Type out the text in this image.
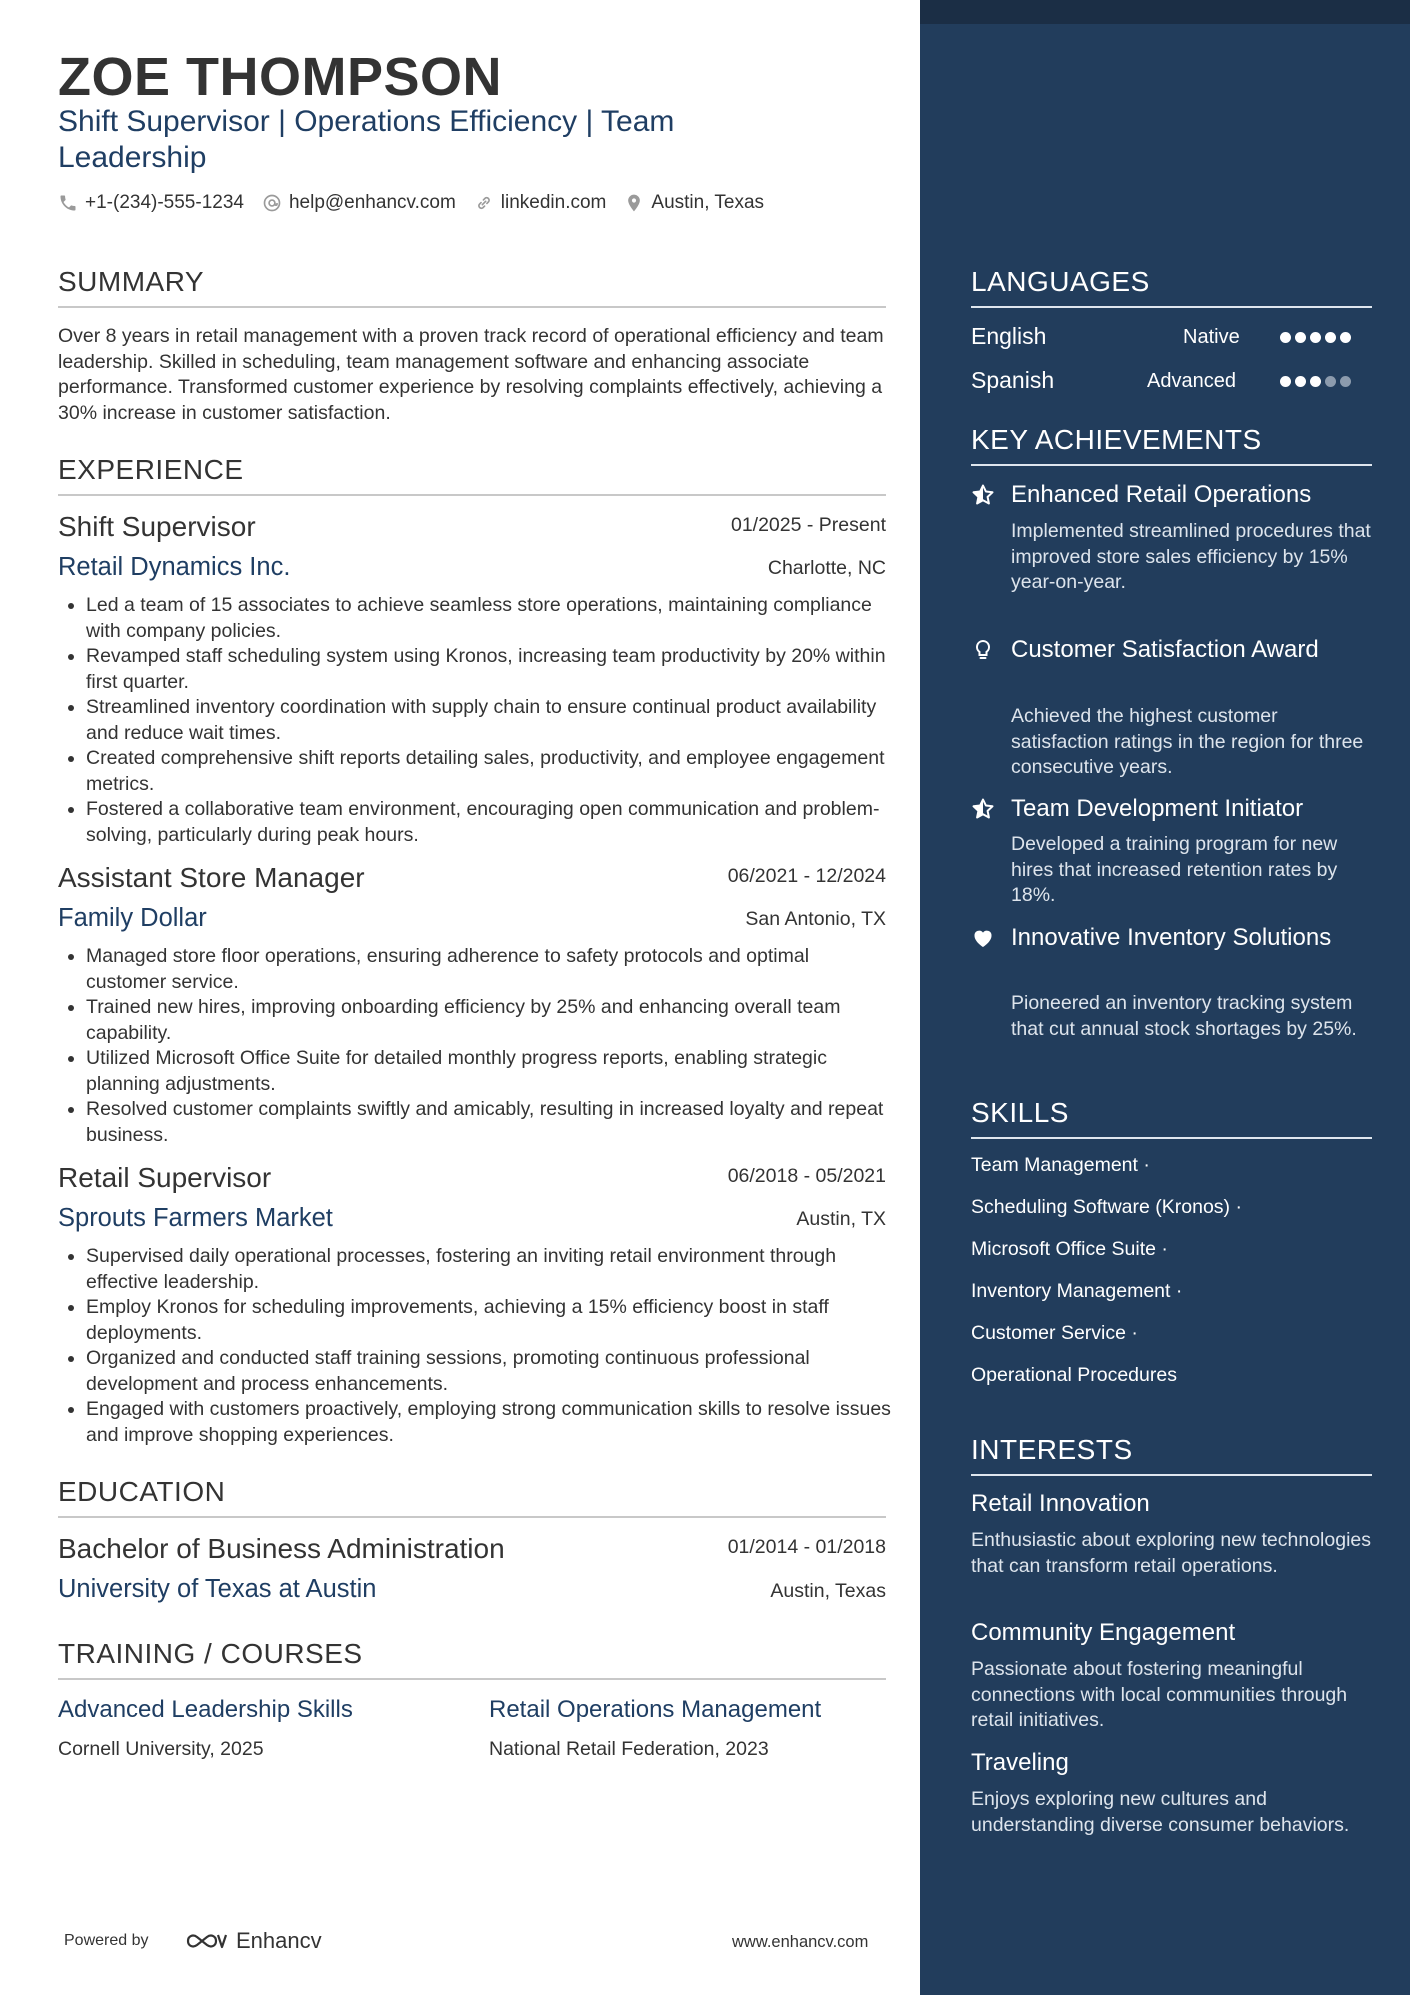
ZOE THOMPSON
Shift Supervisor | Operations Efficiency | Team Leadership
+1-(234)-555-1234 help@enhancv.com linkedin.com Austin, Texas
SUMMARY
Over 8 years in retail management with a proven track record of operational efficiency and team leadership. Skilled in scheduling, team management software and enhancing associate performance. Transformed customer experience by resolving complaints effectively, achieving a 30% increase in customer satisfaction.
EXPERIENCE
Shift Supervisor	01/2025 - Present
Retail Dynamics Inc.	Charlotte, NC
• Led a team of 15 associates to achieve seamless store operations, maintaining compliance with company policies.
• Revamped staff scheduling system using Kronos, increasing team productivity by 20% within first quarter.
• Streamlined inventory coordination with supply chain to ensure continual product availability and reduce wait times.
• Created comprehensive shift reports detailing sales, productivity, and employee engagement metrics.
• Fostered a collaborative team environment, encouraging open communication and problem-solving, particularly during peak hours.
Assistant Store Manager	06/2021 - 12/2024
Family Dollar	San Antonio, TX
• Managed store floor operations, ensuring adherence to safety protocols and optimal customer service.
• Trained new hires, improving onboarding efficiency by 25% and enhancing overall team capability.
• Utilized Microsoft Office Suite for detailed monthly progress reports, enabling strategic planning adjustments.
• Resolved customer complaints swiftly and amicably, resulting in increased loyalty and repeat business.
Retail Supervisor	06/2018 - 05/2021
Sprouts Farmers Market	Austin, TX
• Supervised daily operational processes, fostering an inviting retail environment through effective leadership.
• Employ Kronos for scheduling improvements, achieving a 15% efficiency boost in staff deployments.
• Organized and conducted staff training sessions, promoting continuous professional development and process enhancements.
• Engaged with customers proactively, employing strong communication skills to resolve issues and improve shopping experiences.
EDUCATION
Bachelor of Business Administration	01/2014 - 01/2018
University of Texas at Austin	Austin, Texas
TRAINING / COURSES
Advanced Leadership Skills
Cornell University, 2025
Retail Operations Management
National Retail Federation, 2023
Powered by	Enhancv	www.enhancv.com
LANGUAGES
English	Native
Spanish	Advanced
KEY ACHIEVEMENTS
Enhanced Retail Operations
Implemented streamlined procedures that improved store sales efficiency by 15% year-on-year.
Customer Satisfaction Award
Achieved the highest customer satisfaction ratings in the region for three consecutive years.
Team Development Initiator
Developed a training program for new hires that increased retention rates by 18%.
Innovative Inventory Solutions
Pioneered an inventory tracking system that cut annual stock shortages by 25%.
SKILLS
Team Management ·
Scheduling Software (Kronos) ·
Microsoft Office Suite ·
Inventory Management ·
Customer Service ·
Operational Procedures
INTERESTS
Retail Innovation
Enthusiastic about exploring new technologies that can transform retail operations.
Community Engagement
Passionate about fostering meaningful connections with local communities through retail initiatives.
Traveling
Enjoys exploring new cultures and understanding diverse consumer behaviors.
